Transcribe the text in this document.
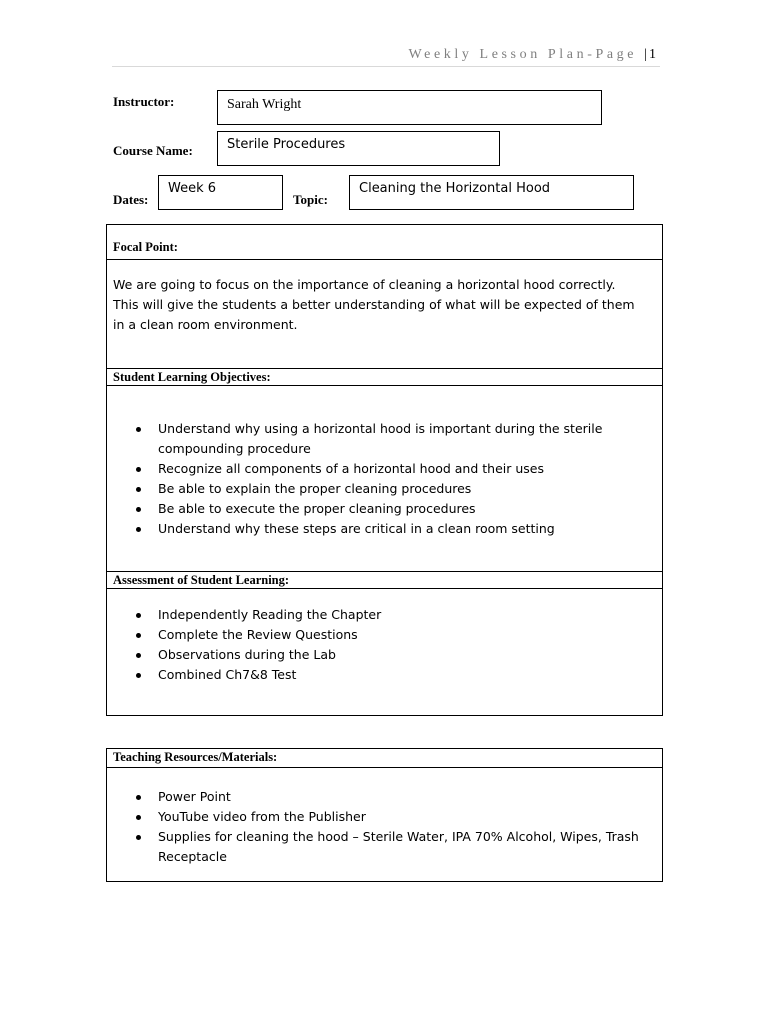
Weekly Lesson Plan-Page | 1
Instructor:	Sarah Wright
Course Name:	Sterile Procedures
Dates:
Week 6
Topic:
Cleaning the Horizontal Hood
Focal Point:

We are going to focus on the importance of cleaning a horizontal hood correctly.

This will give the students a better understanding of what will be expected of them

in a clean room environment.

Student Learning Objectives:
Understand why using a horizontal hood is important during the sterile compounding procedure
Recognize all components of a horizontal hood and their uses
Be able to explain the proper cleaning procedures
Be able to execute the proper cleaning procedures
Understand why these steps are critical in a clean room setting
Assessment of Student Learning:
Independently Reading the Chapter
Complete the Review Questions
Observations during the Lab
Combined Ch7&8 Test
Teaching Resources/Materials:
Power Point
YouTube video from the Publisher
Supplies for cleaning the hood – Sterile Water, IPA 70% Alcohol, Wipes, Trash Receptacle
